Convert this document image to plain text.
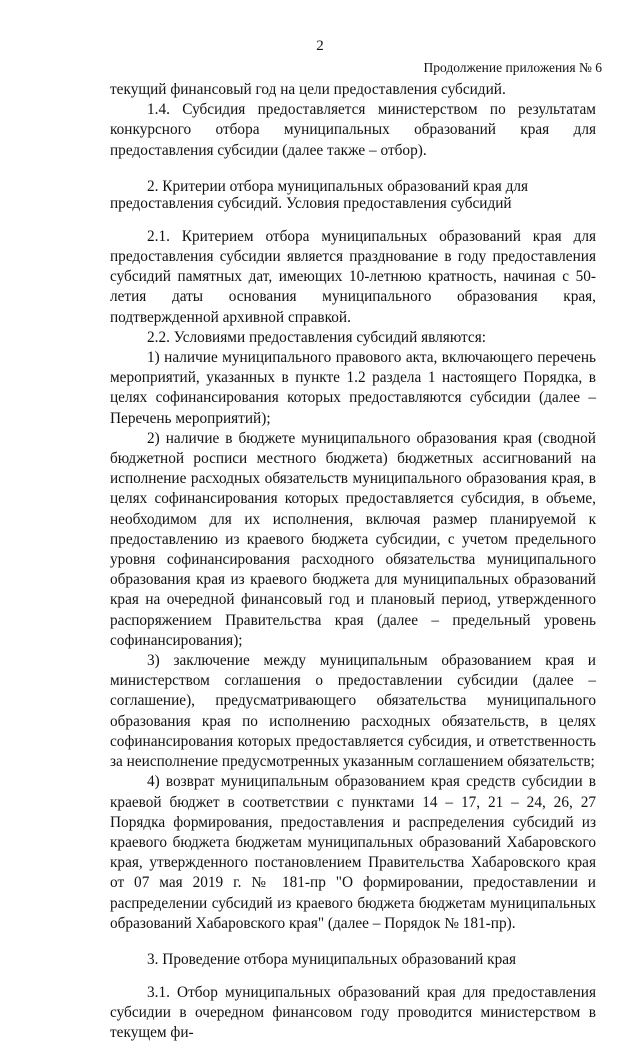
2
Продолжение приложения № 6

текущий финансовый год на цели предоставления субсидий.

1.4. Субсидия предоставляется министерством по результатам конкурсного отбора муниципальных образований края для предоставления субсидии (далее также – отбор).

2. Критерии отбора муниципальных образований края для предоставления субсидий. Условия предоставления субсидий

2.1. Критерием отбора муниципальных образований края для предоставления субсидии является празднование в году предоставления субсидий памятных дат, имеющих 10-летнюю кратность, начиная с 50-летия даты основания муниципального образования края, подтвержденной архивной справкой.

2.2. Условиями предоставления субсидий являются:

1) наличие муниципального правового акта, включающего перечень мероприятий, указанных в пункте 1.2 раздела 1 настоящего Порядка, в целях софинансирования которых предоставляются субсидии (далее – Перечень мероприятий);

2) наличие в бюджете муниципального образования края (сводной бюджетной росписи местного бюджета) бюджетных ассигнований на исполнение расходных обязательств муниципального образования края, в целях софинансирования которых предоставляется субсидия, в объеме, необходимом для их исполнения, включая размер планируемой к предоставлению из краевого бюджета субсидии, с учетом предельного уровня софинансирования расходного обязательства муниципального образования края из краевого бюджета для муниципальных образований края на очередной финансовый год и плановый период, утвержденного распоряжением Правительства края (далее – предельный уровень софинансирования);

3) заключение между муниципальным образованием края и министерством соглашения о предоставлении субсидии (далее – соглашение), предусматривающего обязательства муниципального образования края по исполнению расходных обязательств, в целях софинансирования которых предоставляется субсидия, и ответственность за неисполнение предусмотренных указанным соглашением обязательств;

4) возврат муниципальным образованием края средств субсидии в краевой бюджет в соответствии с пунктами 14 – 17, 21 – 24, 26, 27 Порядка формирования, предоставления и распределения субсидий из краевого бюджета бюджетам муниципальных образований Хабаровского края, утвержденного постановлением Правительства Хабаровского края от 07 мая 2019 г. № 181-пр "О формировании, предоставлении и распределении субсидий из краевого бюджета бюджетам муниципальных образований Хабаровского края" (далее – Порядок № 181-пр).

3. Проведение отбора муниципальных образований края

3.1. Отбор муниципальных образований края для предоставления субсидии в очередном финансовом году проводится министерством в текущем фи-
